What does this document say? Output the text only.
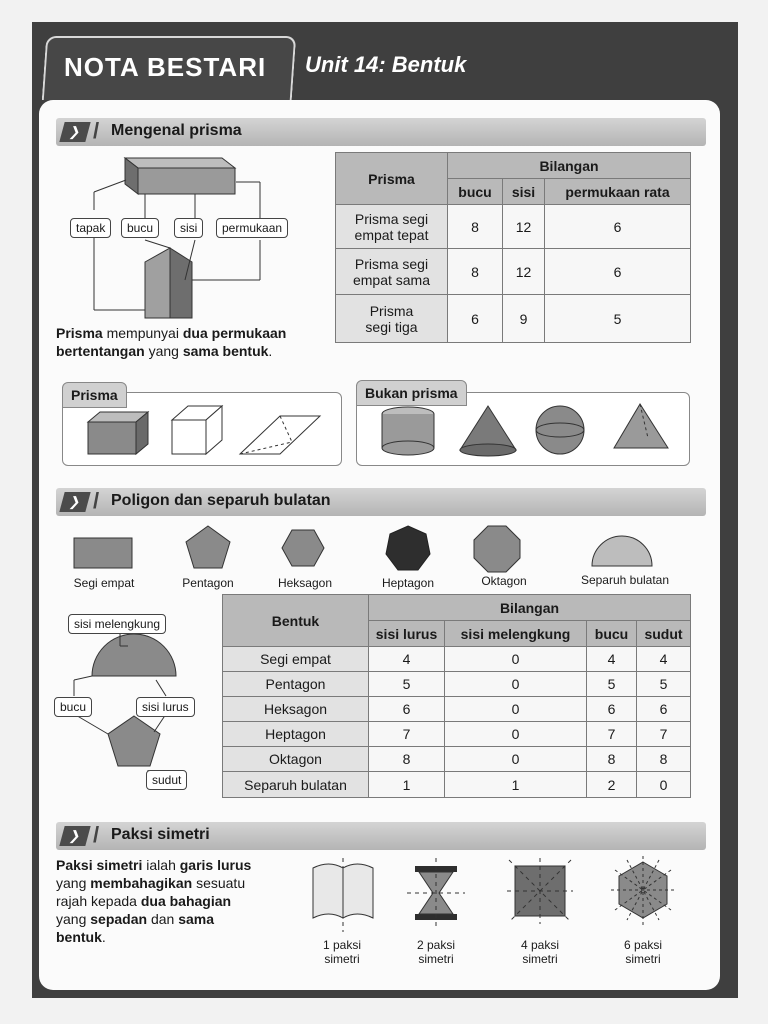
NOTA BESTARI Unit 14: Bentuk
❯ / Mengenal prisma
tapak	bucu	sisi	permukaan
Prisma mempunyai dua permukaan
bertentangan yang sama bentuk.
Prisma	Bilangan		
	bucu	sisi	permukaan rata
Prisma segi
empat tepat	8	12	6
Prisma segi
empat sama	8	12	6
Prisma
segi tiga	6	9	5
Prisma	Bukan prisma
❯ / Poligon dan separuh bulatan
Segi empat	Pentagon	Heksagon	Heptagon	Oktagon	Separuh bulatan
sisi melengkung
bucu	sisi lurus
sudut
Bentuk	Bilangan			
	sisi lurus	sisi melengkung	bucu	sudut
Segi empat	4	0	4	4
Pentagon	5	0	5	5
Heksagon	6	0	6	6
Heptagon	7	0	7	7
Oktagon	8	0	8	8
Separuh bulatan	1	1	2	0
❯ / Paksi simetri
Paksi simetri ialah garis lurus
yang membahagikan sesuatu
rajah kepada dua bahagian
yang sepadan dan sama
bentuk.	1 paksi
simetri
2 paksi
simetri
4 paksi
simetri
6 paksi
simetri
